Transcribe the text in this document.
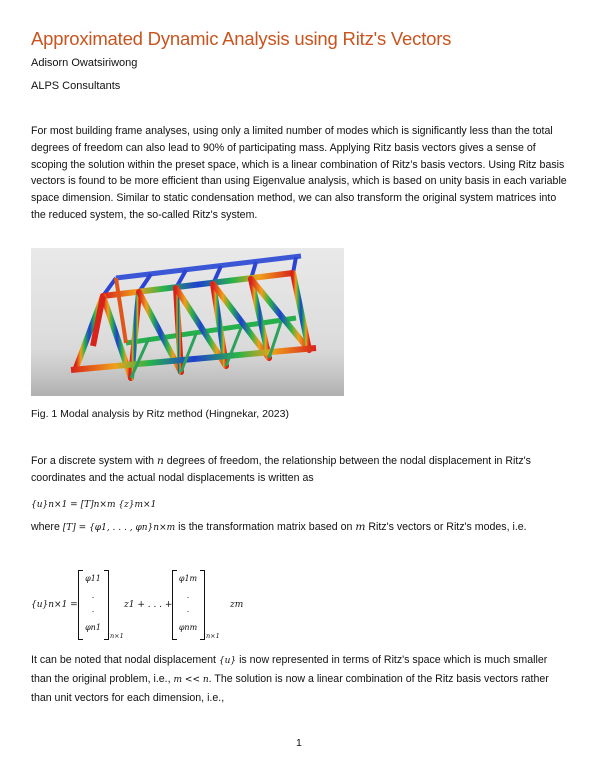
Approximated Dynamic Analysis using Ritz's Vectors
Adisorn Owatsiriwong
ALPS Consultants
For most building frame analyses, using only a limited number of modes which is significantly less than the total degrees of freedom can also lead to 90% of participating mass. Applying Ritz basis vectors gives a sense of scoping the solution within the preset space, which is a linear combination of Ritz’s basis vectors. Using Ritz basis vectors is found to be more efficient than using Eigenvalue analysis, which is based on unity basis in each variable space dimension. Similar to static condensation method, we can also transform the original system matrices into the reduced system, the so-called Ritz's system.
Fig. 1 Modal analysis by Ritz method (Hingnekar, 2023)
For a discrete system with n degrees of freedom, the relationship between the nodal displacement in Ritz's
coordinates and the actual nodal displacements is written as
{u}n×1 = [T]n×m {z}m×1
where [T] = {φ1, . . . , φn}n×m is the transformation matrix based on m Ritz's vectors or Ritz's modes, i.e.
{u}n×1 =
φ11
.
.
φn1
n×1
z1 + . . . +
φ1m
.
.
φnm
n×1
zm
It can be noted that nodal displacement {u} is now represented in terms of Ritz's space which is much smaller
than the original problem, i.e., m << n. The solution is now a linear combination of the Ritz basis vectors rather
than unit vectors for each dimension, i.e.,
1
